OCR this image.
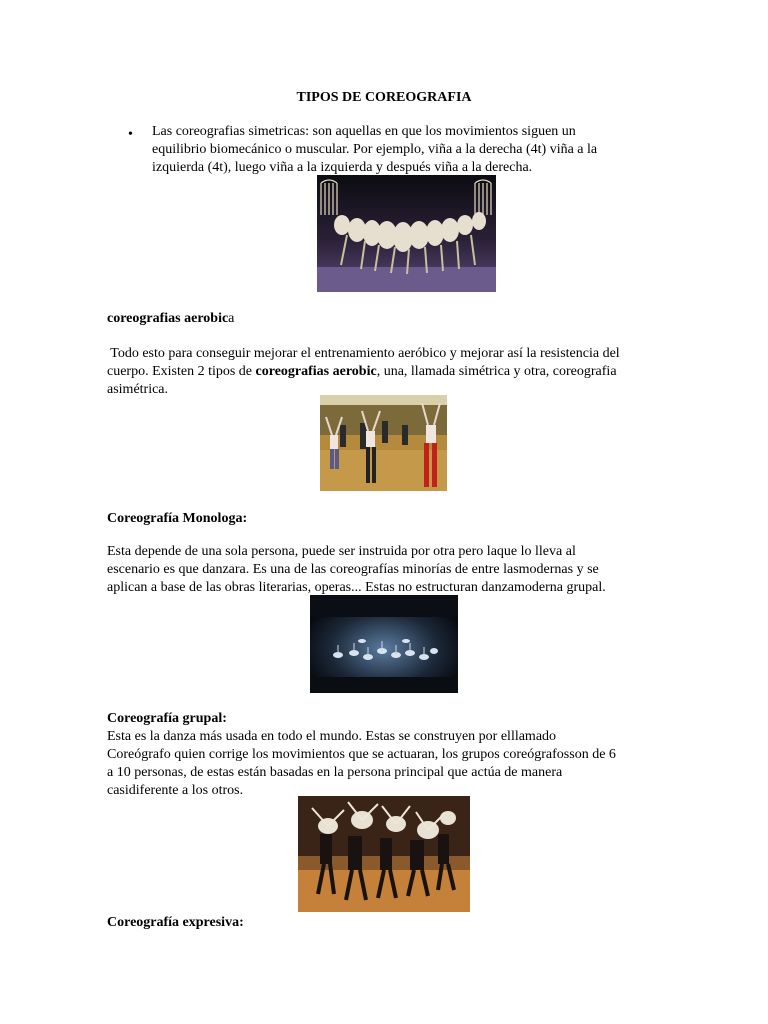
TIPOS DE COREOGRAFIA
• Las coreografias simetricas: son aquellas en que los movimientos siguen un
equilibrio biomecánico o muscular. Por ejemplo, viña a la derecha (4t) viña a la
izquierda (4t), luego viña a la izquierda y después viña a la derecha.
coreografias aerobica
Todo esto para conseguir mejorar el entrenamiento aeróbico y mejorar así la resistencia del
cuerpo. Existen 2 tipos de coreografias aerobic, una, llamada simétrica y otra, coreografia
asimétrica.
Coreografía Monologa:
Esta depende de una sola persona, puede ser instruida por otra pero laque lo lleva al
escenario es que danzara. Es una de las coreografías minorías de entre lasmodernas y se
aplican a base de las obras literarias, operas... Estas no estructuran danzamoderna grupal.
Coreografía grupal:
Esta es la danza más usada en todo el mundo. Estas se construyen por elllamado
Coreógrafo quien corrige los movimientos que se actuaran, los grupos coreógrafosson de 6
a 10 personas, de estas están basadas en la persona principal que actúa de manera
casidiferente a los otros.
Coreografía expresiva:
